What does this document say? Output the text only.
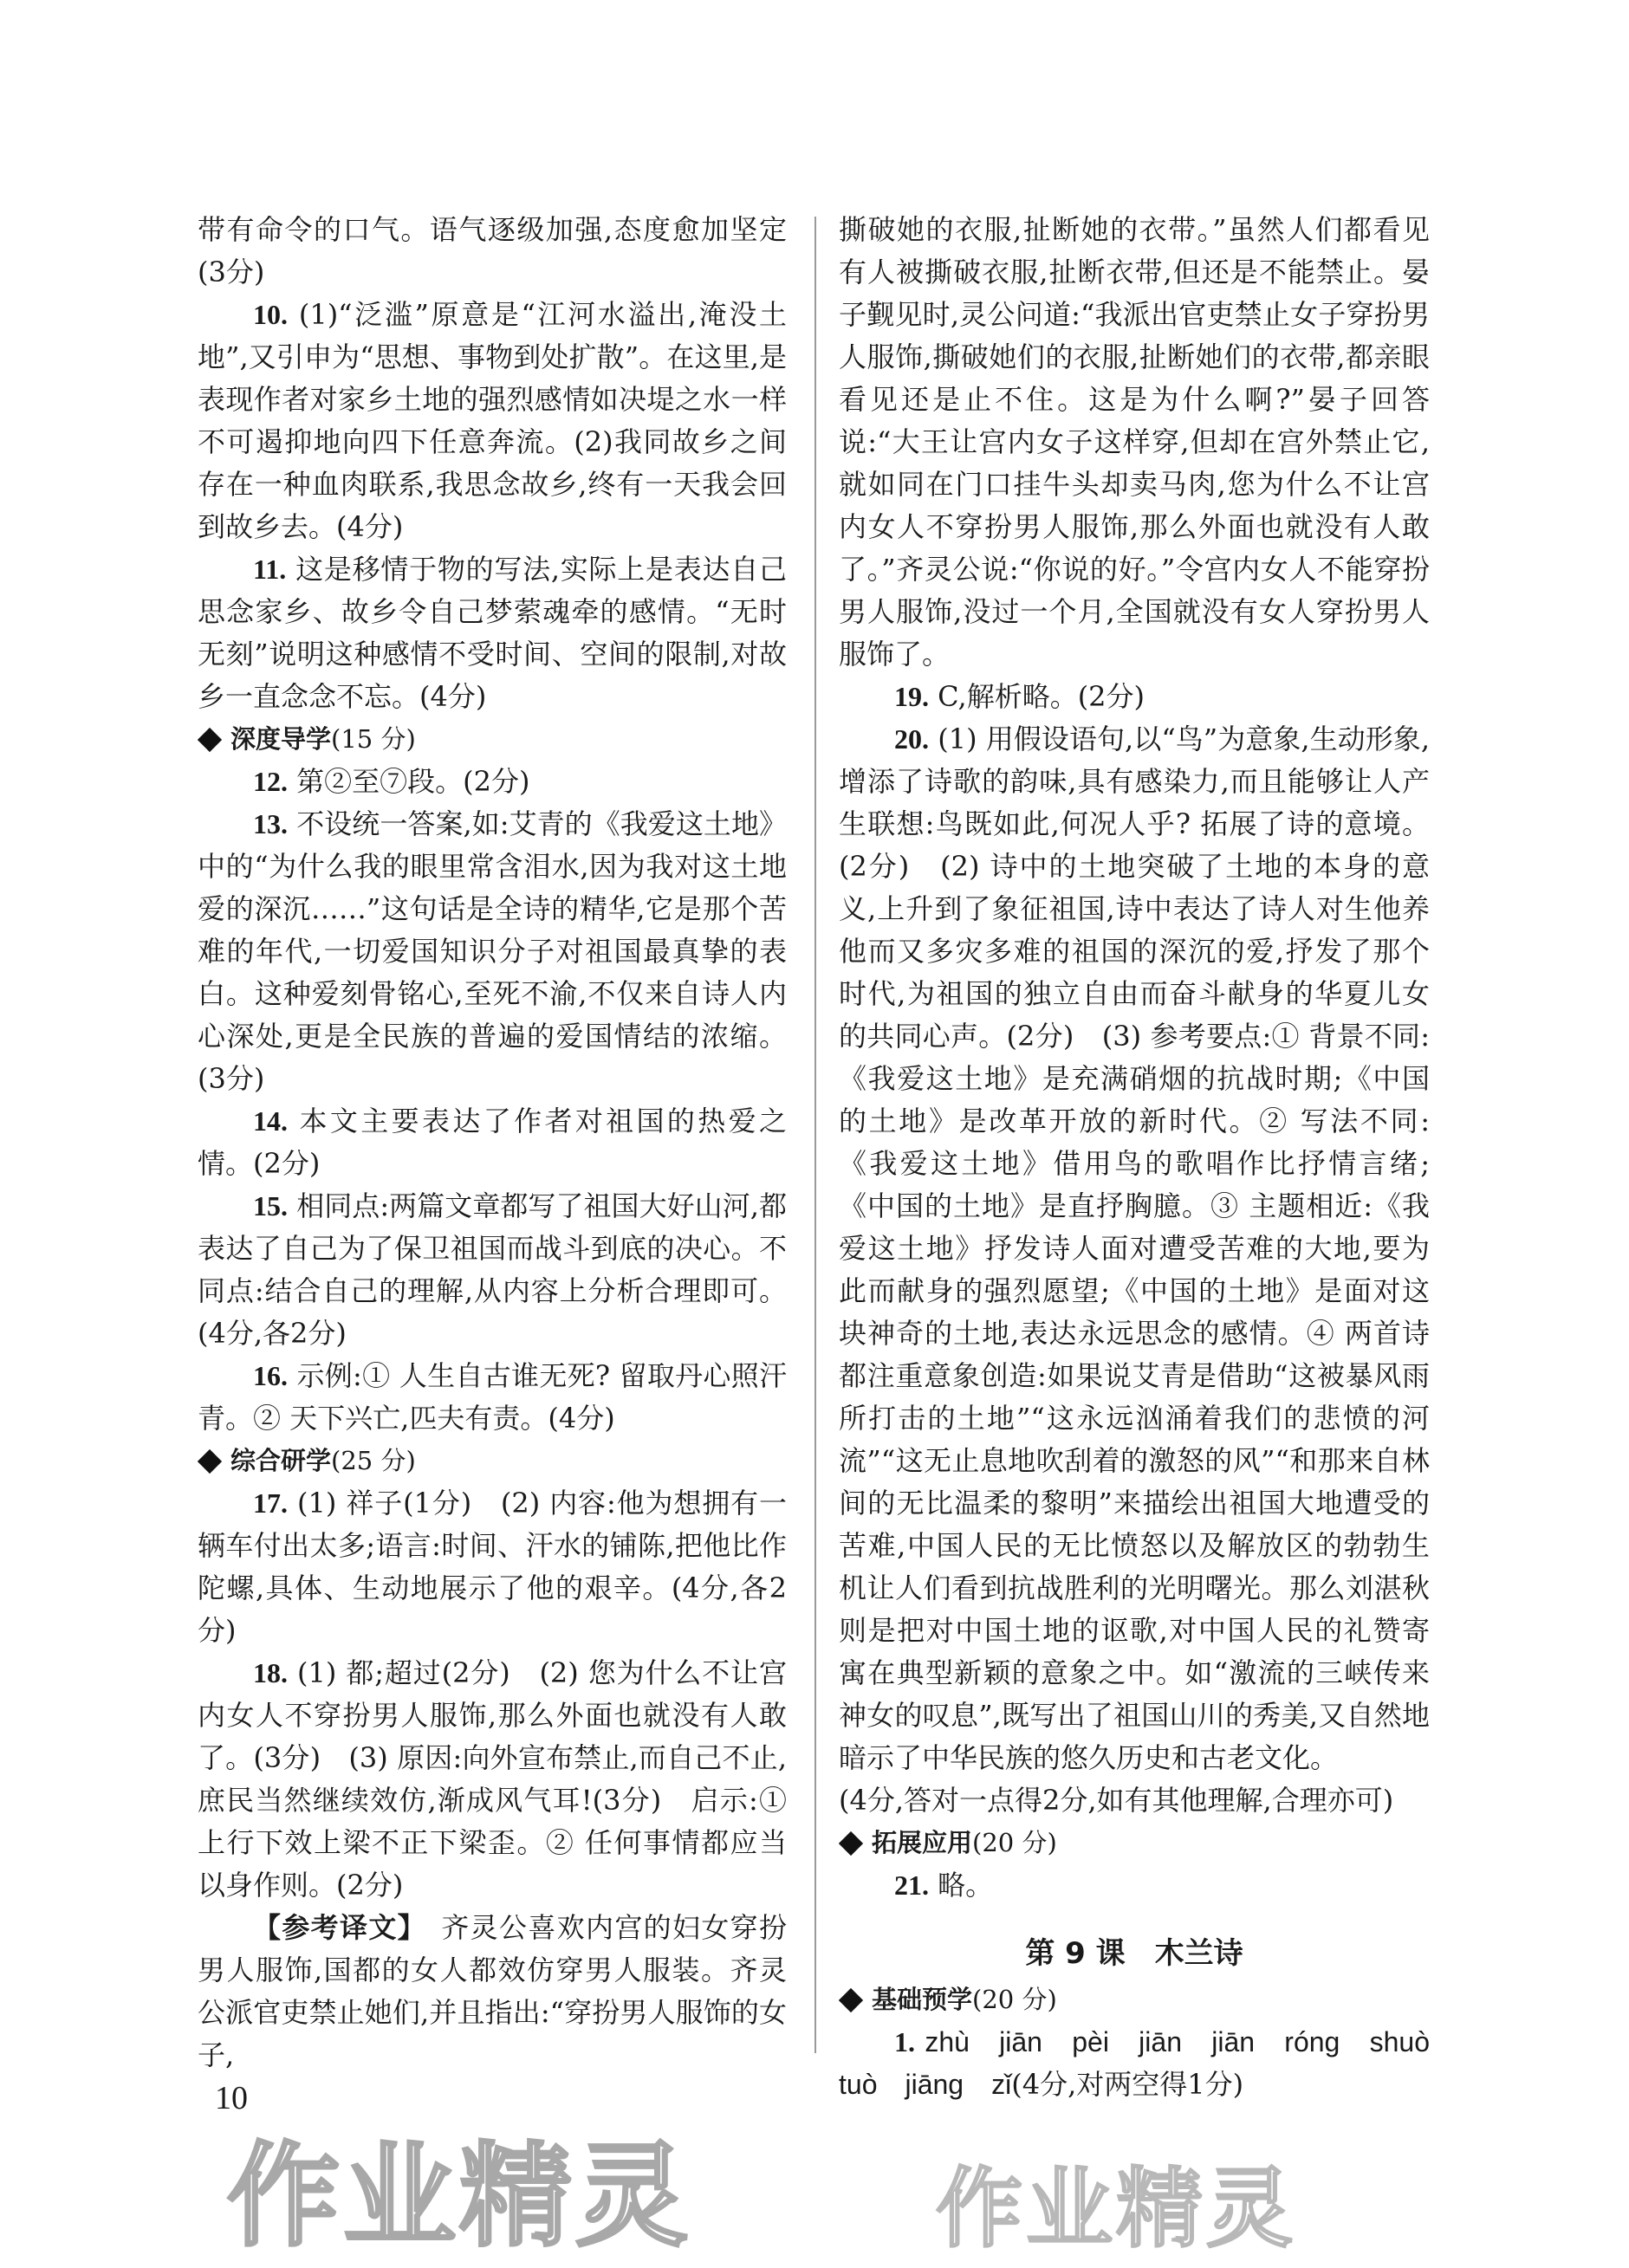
带有命令的口气。语气逐级加强,态度愈加坚定(3分)

10. (1)“泛滥”原意是“江河水溢出,淹没土地”,又引申为“思想、事物到处扩散”。在这里,是表现作者对家乡土地的强烈感情如决堤之水一样不可遏抑地向四下任意奔流。(2)我同故乡之间存在一种血肉联系,我思念故乡,终有一天我会回到故乡去。(4分)

11. 这是移情于物的写法,实际上是表达自己思念家乡、故乡令自己梦萦魂牵的感情。“无时无刻”说明这种感情不受时间、空间的限制,对故乡一直念念不忘。(4分)

深度导学(15 分)

12. 第②至⑦段。(2分)

13. 不设统一答案,如:艾青的《我爱这土地》中的“为什么我的眼里常含泪水,因为我对这土地爱的深沉……”这句话是全诗的精华,它是那个苦难的年代,一切爱国知识分子对祖国最真挚的表白。这种爱刻骨铭心,至死不渝,不仅来自诗人内心深处,更是全民族的普遍的爱国情结的浓缩。(3分)

14. 本文主要表达了作者对祖国的热爱之情。(2分)

15. 相同点:两篇文章都写了祖国大好山河,都表达了自己为了保卫祖国而战斗到底的决心。不同点:结合自己的理解,从内容上分析合理即可。(4分,各2分)

16. 示例:① 人生自古谁无死? 留取丹心照汗青。② 天下兴亡,匹夫有责。(4分)

综合研学(25 分)

17. (1) 祥子(1分)　(2) 内容:他为想拥有一辆车付出太多;语言:时间、汗水的铺陈,把他比作陀螺,具体、生动地展示了他的艰辛。(4分,各2分)

18. (1) 都;超过(2分)　(2) 您为什么不让宫内女人不穿扮男人服饰,那么外面也就没有人敢了。(3分)　(3) 原因:向外宣布禁止,而自己不止,庶民当然继续效仿,渐成风气耳!(3分)　启示:① 上行下效上梁不正下梁歪。② 任何事情都应当以身作则。(2分)

【参考译文】　齐灵公喜欢内宫的妇女穿扮男人服饰,国都的女人都效仿穿男人服装。齐灵公派官吏禁止她们,并且指出:“穿扮男人服饰的女子,

撕破她的衣服,扯断她的衣带。”虽然人们都看见有人被撕破衣服,扯断衣带,但还是不能禁止。晏子觐见时,灵公问道:“我派出官吏禁止女子穿扮男人服饰,撕破她们的衣服,扯断她们的衣带,都亲眼看见还是止不住。这是为什么啊?”晏子回答说:“大王让宫内女子这样穿,但却在宫外禁止它,就如同在门口挂牛头却卖马肉,您为什么不让宫内女人不穿扮男人服饰,那么外面也就没有人敢了。”齐灵公说:“你说的好。”令宫内女人不能穿扮男人服饰,没过一个月,全国就没有女人穿扮男人服饰了。

19. C,解析略。(2分)

20. (1) 用假设语句,以“鸟”为意象,生动形象,增添了诗歌的韵味,具有感染力,而且能够让人产生联想:鸟既如此,何况人乎? 拓展了诗的意境。(2分)　(2) 诗中的土地突破了土地的本身的意义,上升到了象征祖国,诗中表达了诗人对生他养他而又多灾多难的祖国的深沉的爱,抒发了那个时代,为祖国的独立自由而奋斗献身的华夏儿女的共同心声。(2分)　(3) 参考要点:① 背景不同:《我爱这土地》是充满硝烟的抗战时期;《中国的土地》是改革开放的新时代。② 写法不同:《我爱这土地》借用鸟的歌唱作比抒情言绪;《中国的土地》是直抒胸臆。③ 主题相近:《我爱这土地》抒发诗人面对遭受苦难的大地,要为此而献身的强烈愿望;《中国的土地》是面对这块神奇的土地,表达永远思念的感情。④ 两首诗都注重意象创造:如果说艾青是借助“这被暴风雨所打击的土地”“这永远汹涌着我们的悲愤的河流”“这无止息地吹刮着的激怒的风”“和那来自林间的无比温柔的黎明”来描绘出祖国大地遭受的苦难,中国人民的无比愤怒以及解放区的勃勃生机让人们看到抗战胜利的光明曙光。那么刘湛秋则是把对中国土地的讴歌,对中国人民的礼赞寄寓在典型新颖的意象之中。如“激流的三峡传来神女的叹息”,既写出了祖国山川的秀美,又自然地暗示了中华民族的悠久历史和古老文化。

(4分,答对一点得2分,如有其他理解,合理亦可)

拓展应用(20 分)

21. 略。

第 9 课　木兰诗
基础预学(20 分)

1. zhù　jiān　pèi　jiān　jiān　róng　shuò tuò　jiāng　zǐ(4分,对两空得1分)

10
作业精灵
作业精灵
